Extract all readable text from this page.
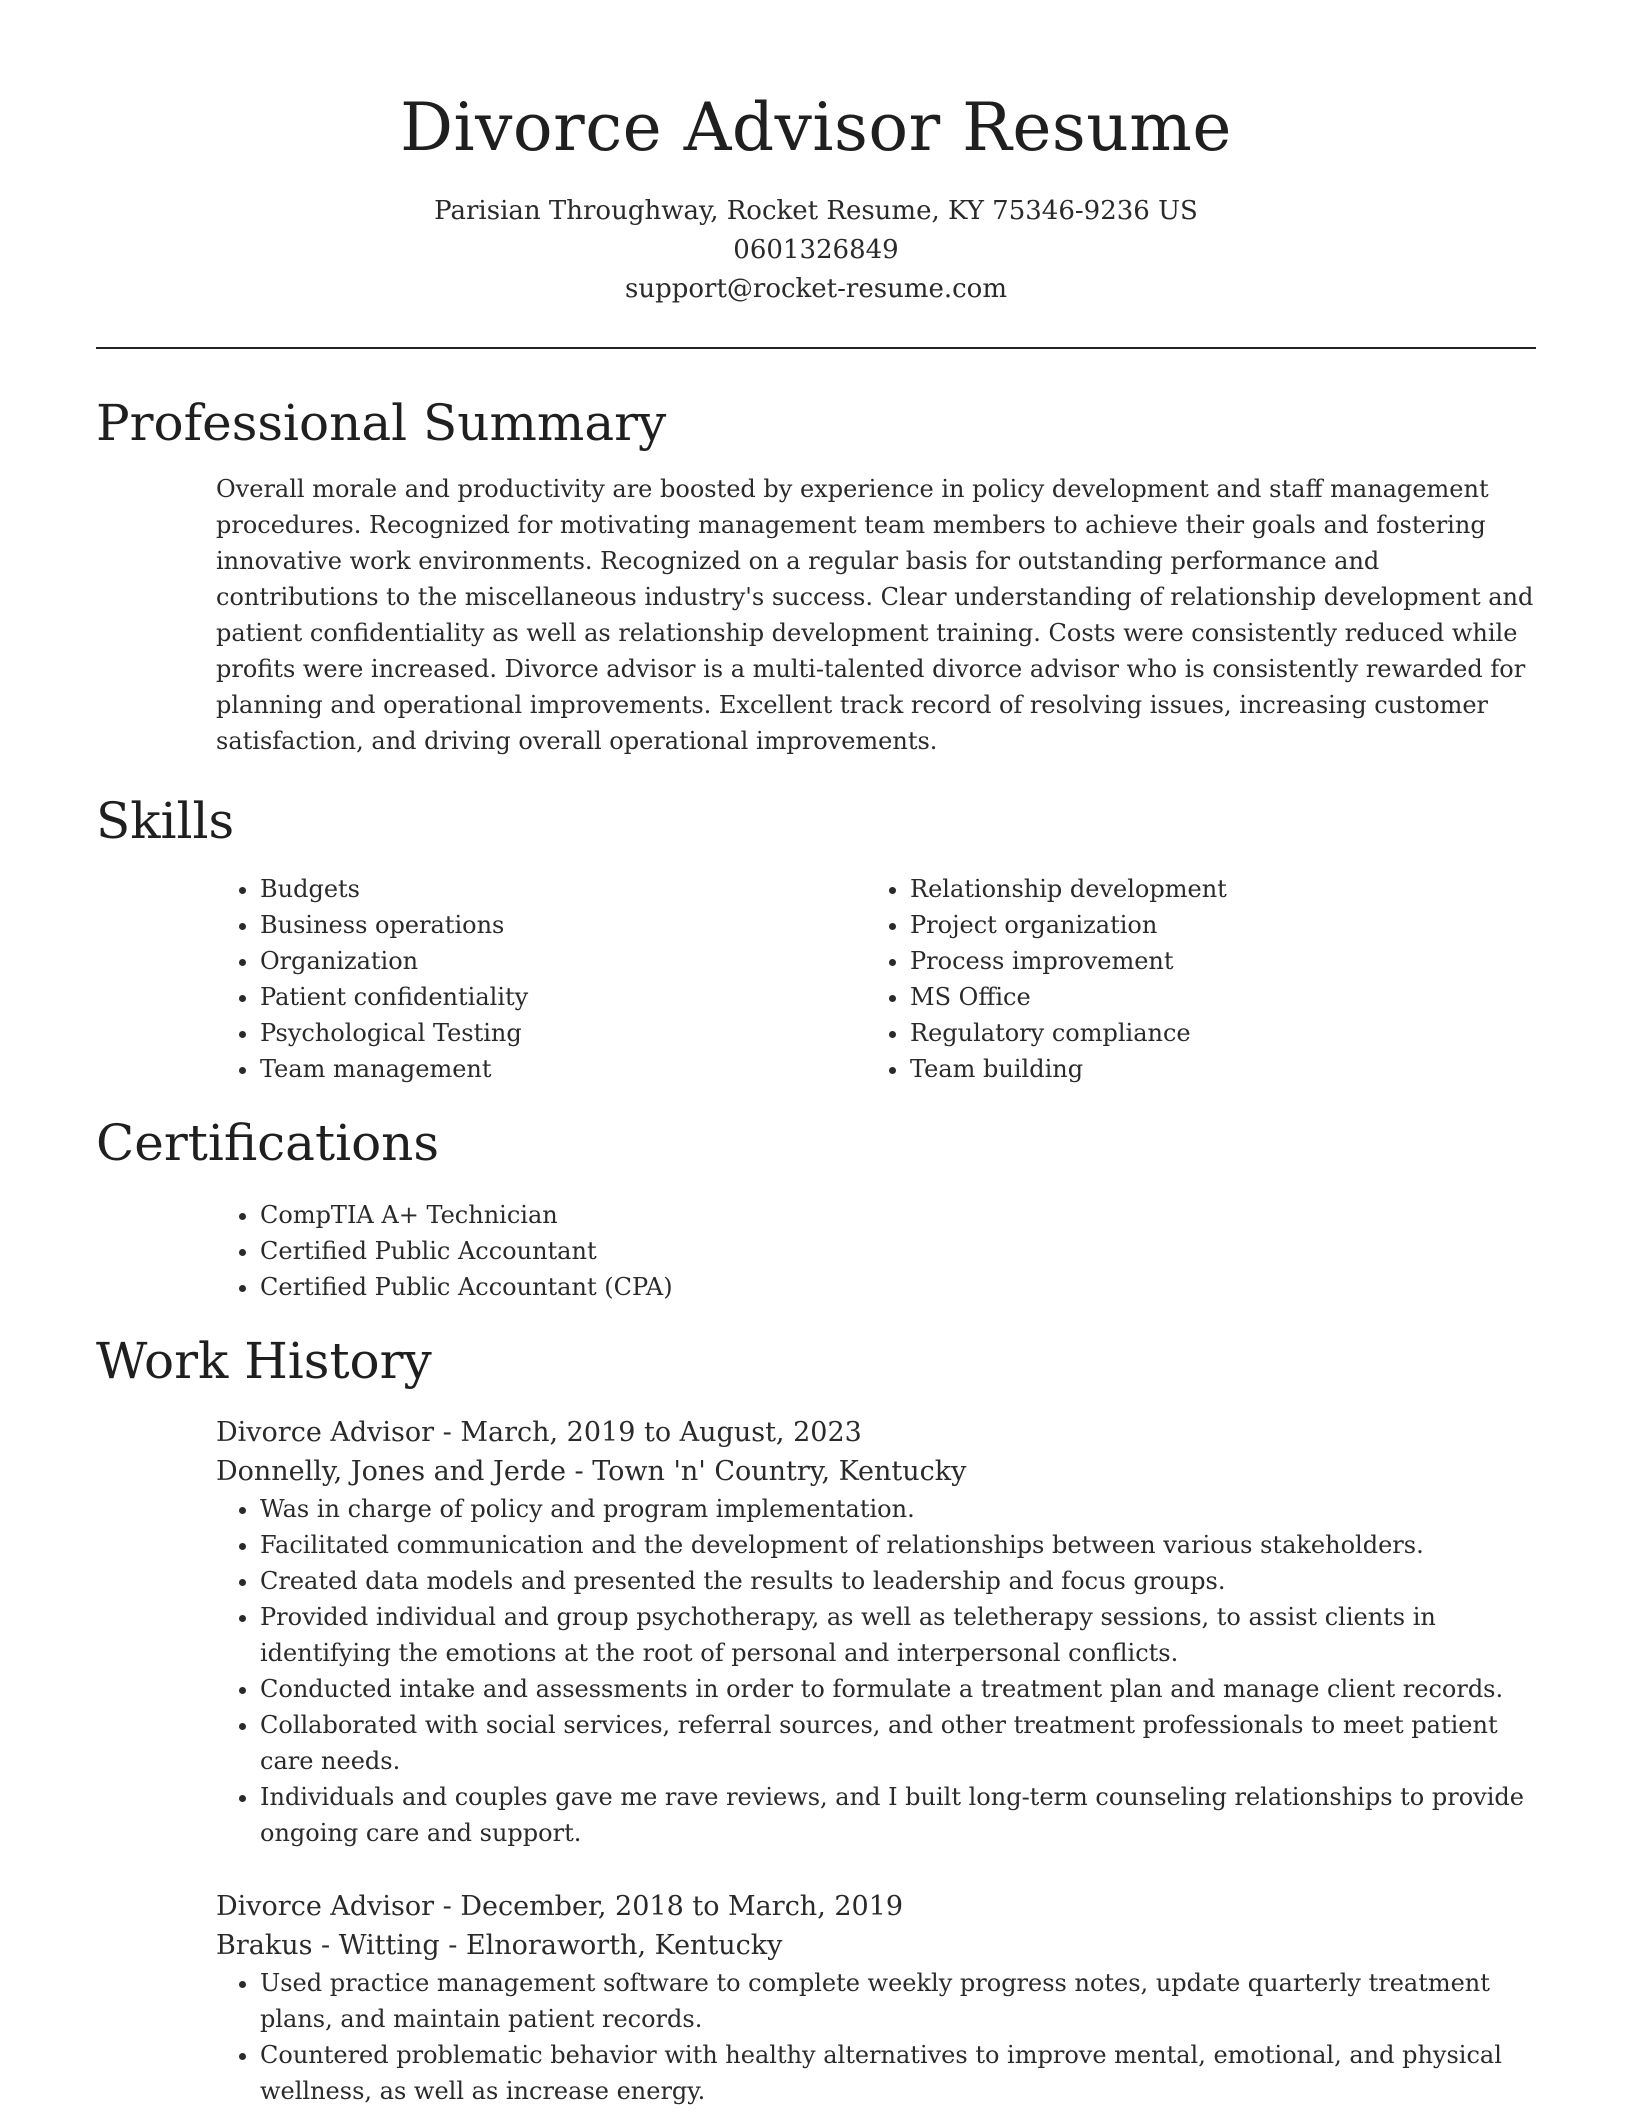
Divorce Advisor Resume
Parisian Throughway, Rocket Resume, KY 75346-9236 US
0601326849
support@rocket-resume.com
Professional Summary

Overall morale and productivity are boosted by experience in policy development and staff management procedures. Recognized for motivating management team members to achieve their goals and fostering innovative work environments. Recognized on a regular basis for outstanding performance and contributions to the miscellaneous industry's success. Clear understanding of relationship development and patient confidentiality as well as relationship development training. Costs were consistently reduced while profits were increased. Divorce advisor is a multi-talented divorce advisor who is consistently rewarded for planning and operational improvements. Excellent track record of resolving issues, increasing customer satisfaction, and driving overall operational improvements.

Skills
• Budgets
• Business operations
• Organization
• Patient confidentiality
• Psychological Testing
• Team management
• Relationship development
• Project organization
• Process improvement
• MS Office
• Regulatory compliance
• Team building
Certifications
• CompTIA A+ Technician
• Certified Public Accountant
• Certified Public Accountant (CPA)
Work History
Divorce Advisor - March, 2019 to August, 2023
Donnelly, Jones and Jerde - Town 'n' Country, Kentucky
• Was in charge of policy and program implementation.
• Facilitated communication and the development of relationships between various stakeholders.
• Created data models and presented the results to leadership and focus groups.
• Provided individual and group psychotherapy, as well as teletherapy sessions, to assist clients in identifying the emotions at the root of personal and interpersonal conflicts.
• Conducted intake and assessments in order to formulate a treatment plan and manage client records.
• Collaborated with social services, referral sources, and other treatment professionals to meet patient care needs.
• Individuals and couples gave me rave reviews, and I built long-term counseling relationships to provide ongoing care and support.
Divorce Advisor - December, 2018 to March, 2019
Brakus - Witting - Elnoraworth, Kentucky
• Used practice management software to complete weekly progress notes, update quarterly treatment plans, and maintain patient records.
• Countered problematic behavior with healthy alternatives to improve mental, emotional, and physical wellness, as well as increase energy.
